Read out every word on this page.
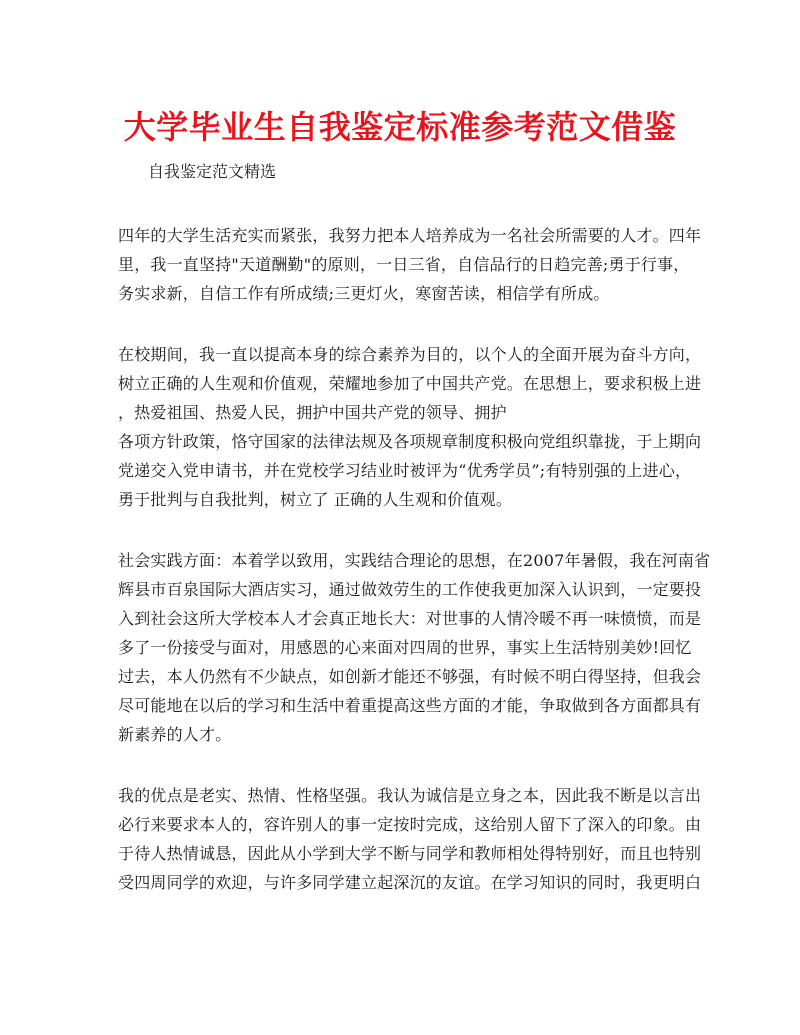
大学毕业生自我鉴定标准参考范文借鉴

自我鉴定范文精选

四年的大学生活充实而紧张，我努力把本人培养成为一名社会所需要的人才。四年
里，我一直坚持"天道酬勤"的原则，一日三省，自信品行的日趋完善;勇于行事，
务实求新，自信工作有所成绩;三更灯火，寒窗苦读，相信学有所成。
在校期间，我一直以提高本身的综合素养为目的，以个人的全面开展为奋斗方向，
树立正确的人生观和价值观，荣耀地参加了中国共产党。在思想上，要求积极上进
，热爱祖国、热爱人民，拥护中国共产党的领导、拥护
各项方针政策，恪守国家的法律法规及各项规章制度积极向党组织靠拢，于上期向
党递交入党申请书，并在党校学习结业时被评为“优秀学员”;有特别强的上进心，
勇于批判与自我批判，树立了 正确的人生观和价值观。
社会实践方面：本着学以致用，实践结合理论的思想，在2007年暑假，我在河南省
辉县市百泉国际大酒店实习，通过做效劳生的工作使我更加深入认识到，一定要投
入到社会这所大学校本人才会真正地长大：对世事的人情冷暖不再一味愤愤，而是
多了一份接受与面对，用感恩的心来面对四周的世界，事实上生活特别美妙!回忆
过去，本人仍然有不少缺点，如创新才能还不够强，有时候不明白得坚持，但我会
尽可能地在以后的学习和生活中着重提高这些方面的才能，争取做到各方面都具有
新素养的人才。
我的优点是老实、热情、性格坚强。我认为诚信是立身之本，因此我不断是以言出
必行来要求本人的，容许别人的事一定按时完成，这给别人留下了深入的印象。由
于待人热情诚恳，因此从小学到大学不断与同学和教师相处得特别好，而且也特别
受四周同学的欢迎，与许多同学建立起深沉的友谊。在学习知识的同时，我更明白
